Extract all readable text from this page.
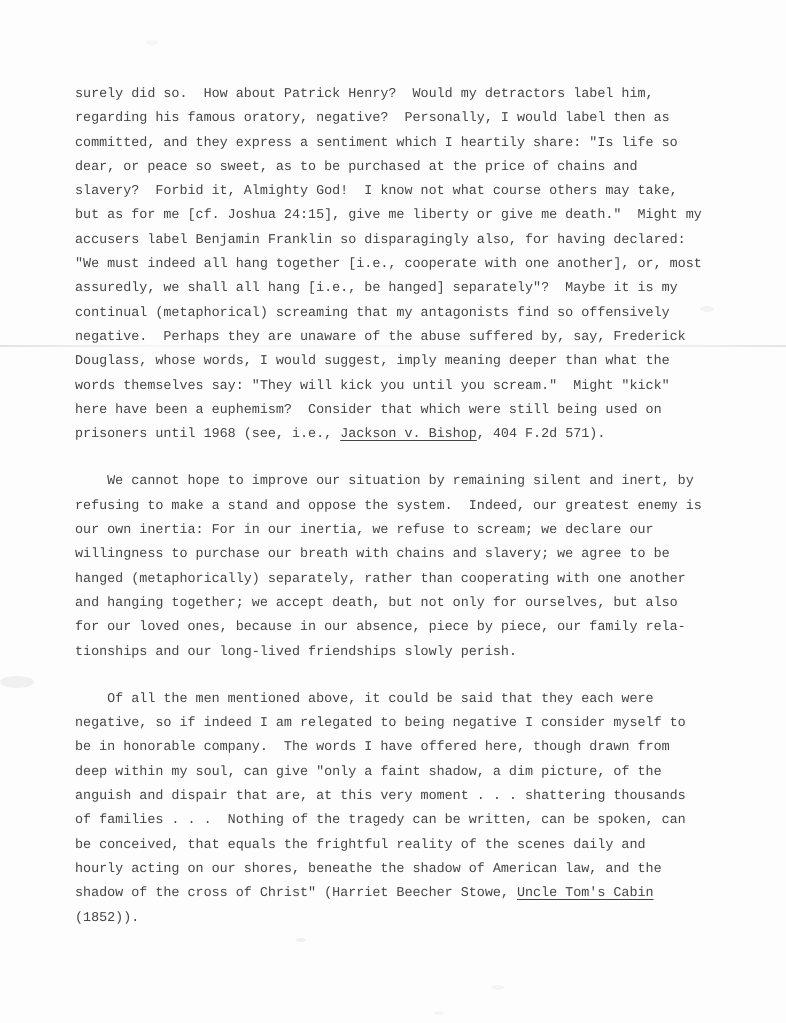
surely did so.  How about Patrick Henry?  Would my detractors label him,
regarding his famous oratory, negative?  Personally, I would label then as
committed, and they express a sentiment which I heartily share: "Is life so
dear, or peace so sweet, as to be purchased at the price of chains and
slavery?  Forbid it, Almighty God!  I know not what course others may take,
but as for me [cf. Joshua 24:15], give me liberty or give me death."  Might my
accusers label Benjamin Franklin so disparagingly also, for having declared:
"We must indeed all hang together [i.e., cooperate with one another], or, most
assuredly, we shall all hang [i.e., be hanged] separately"?  Maybe it is my
continual (metaphorical) screaming that my antagonists find so offensively
negative.  Perhaps they are unaware of the abuse suffered by, say, Frederick
Douglass, whose words, I would suggest, imply meaning deeper than what the
words themselves say: "They will kick you until you scream."  Might "kick"
here have been a euphemism?  Consider that which were still being used on
prisoners until 1968 (see, i.e., Jackson v. Bishop, 404 F.2d 571).
We cannot hope to improve our situation by remaining silent and inert, by
refusing to make a stand and oppose the system.  Indeed, our greatest enemy is
our own inertia: For in our inertia, we refuse to scream; we declare our
willingness to purchase our breath with chains and slavery; we agree to be
hanged (metaphorically) separately, rather than cooperating with one another
and hanging together; we accept death, but not only for ourselves, but also
for our loved ones, because in our absence, piece by piece, our family rela-
tionships and our long-lived friendships slowly perish.
Of all the men mentioned above, it could be said that they each were
negative, so if indeed I am relegated to being negative I consider myself to
be in honorable company.  The words I have offered here, though drawn from
deep within my soul, can give "only a faint shadow, a dim picture, of the
anguish and dispair that are, at this very moment . . . shattering thousands
of families . . .  Nothing of the tragedy can be written, can be spoken, can
be conceived, that equals the frightful reality of the scenes daily and
hourly acting on our shores, beneathe the shadow of American law, and the
shadow of the cross of Christ" (Harriet Beecher Stowe, Uncle Tom's Cabin
(1852)).
